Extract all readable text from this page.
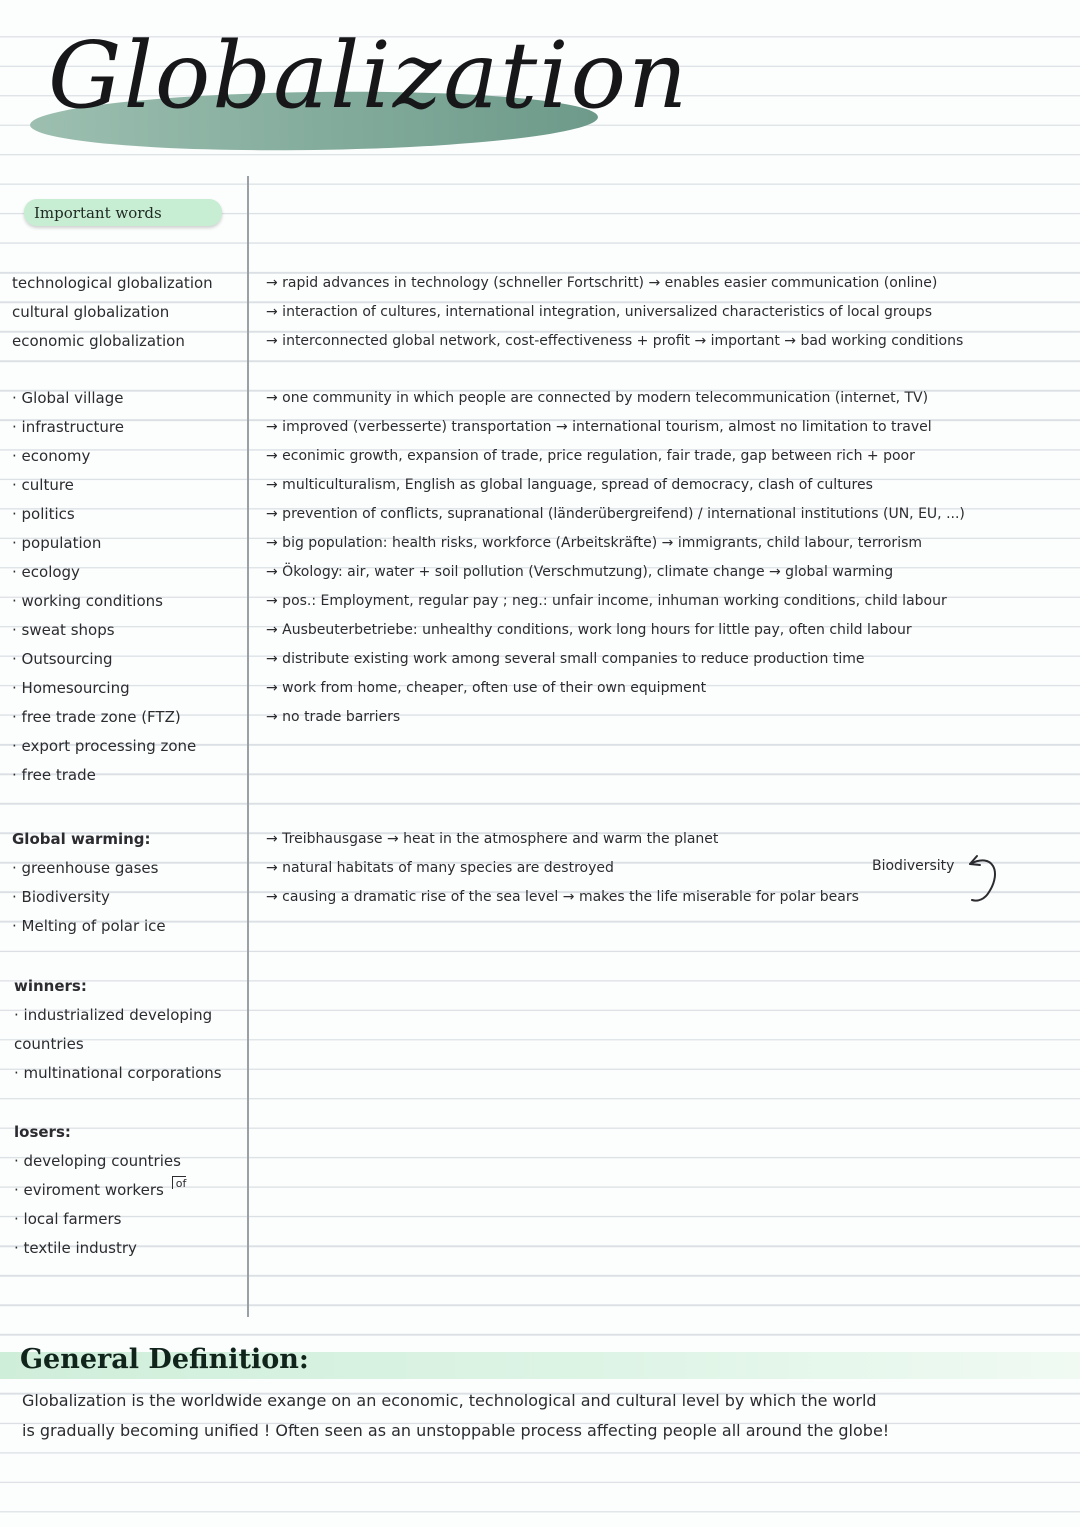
Globalization
Important words
technological globalization	→ rapid advances in technology (schneller Fortschritt) → enables easier communication (online)
cultural globalization	→ interaction of cultures, international integration, universalized characteristics of local groups
economic globalization	→ interconnected global network, cost-effectiveness + profit → important → bad working conditions
· Global village	→ one community in which people are connected by modern telecommunication (internet, TV)
· infrastructure	→ improved (verbesserte) transportation → international tourism, almost no limitation to travel
· economy	→ econimic growth, expansion of trade, price regulation, fair trade, gap between rich + poor
· culture	→ multiculturalism, English as global language, spread of democracy, clash of cultures
· politics	→ prevention of conflicts, supranational (länderübergreifend) / international institutions (UN, EU, ...)
· population	→ big population: health risks, workforce (Arbeitskräfte) → immigrants, child labour, terrorism
· ecology	→ Ökology: air, water + soil pollution (Verschmutzung), climate change → global warming
· working conditions	→ pos.: Employment, regular pay ; neg.: unfair income, inhuman working conditions, child labour
· sweat shops	→ Ausbeuterbetriebe: unhealthy conditions, work long hours for little pay, often child labour
· Outsourcing	→ distribute existing work among several small companies to reduce production time
· Homesourcing	→ work from home, cheaper, often use of their own equipment
· free trade zone (FTZ)	→ no trade barriers
· export processing zone
· free trade
Global warming:	→ Treibhausgase → heat in the atmosphere and warm the planet
· greenhouse gases	→ natural habitats of many species are destroyed
· Biodiversity	→ causing a dramatic rise of the sea level → makes the life miserable for polar bears
· Melting of polar ice
Biodiversity
winners:
· industrialized developing
countries
· multinational corporations
losers:
· developing countries
· eviroment workers	of
· local farmers
· textile industry
General Definition:
Globalization is the worldwide exange on an economic, technological and cultural level by which the world
is gradually becoming unified ! Often seen as an unstoppable process affecting people all around the globe!
